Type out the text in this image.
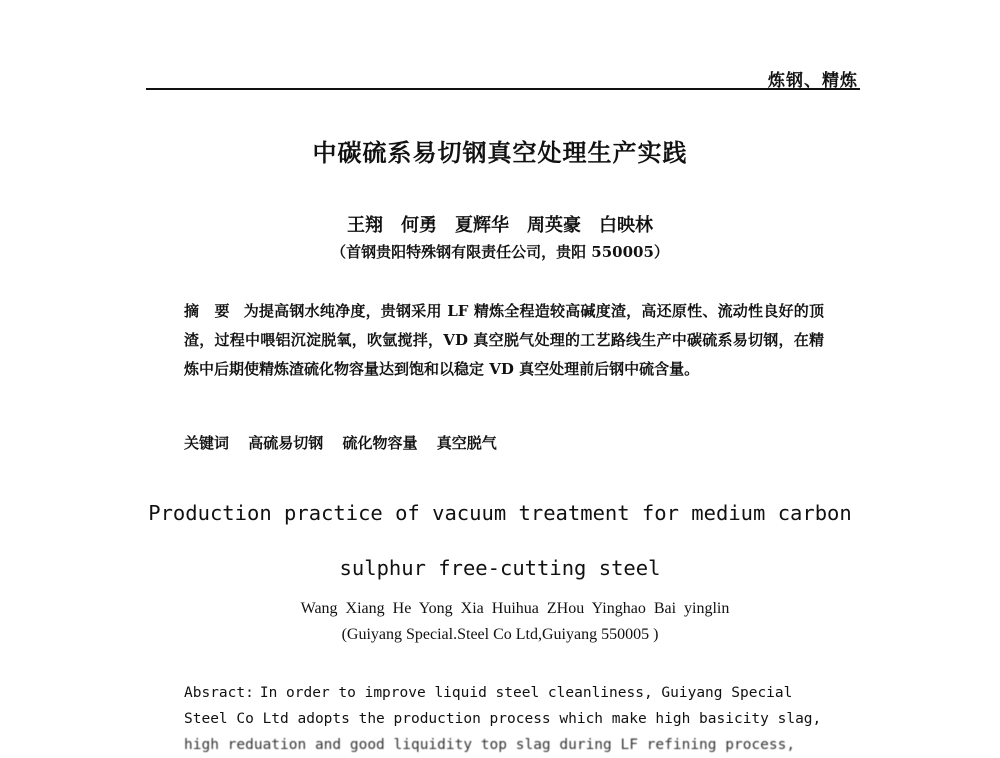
炼钢、精炼
中碳硫系易切钢真空处理生产实践
王翔　何勇　夏辉华　周英豪　白映林
（首钢贵阳特殊钢有限责任公司，贵阳 550005）
摘　要 为提高钢水纯净度，贵钢采用 LF 精炼全程造较高碱度渣，高还原性、流动性良好的顶渣，过程中喂铝沉淀脱氧，吹氩搅拌，VD 真空脱气处理的工艺路线生产中碳硫系易切钢，在精炼中后期使精炼渣硫化物容量达到饱和以稳定 VD 真空处理前后钢中硫含量。
关键词 高硫易切钢 硫化物容量 真空脱气
Production practice of vacuum treatment for medium carbon
sulphur free-cutting steel
Wang Xiang He Yong Xia Huihua ZHou Yinghao Bai yinglin
(Guiyang Special.Steel Co Ltd,Guiyang 550005 )
Absract: In order to improve liquid steel cleanliness, Guiyang Special
Steel Co Ltd adopts the production process which make high basicity slag,
high reduation and good liquidity top slag during LF refining process,
